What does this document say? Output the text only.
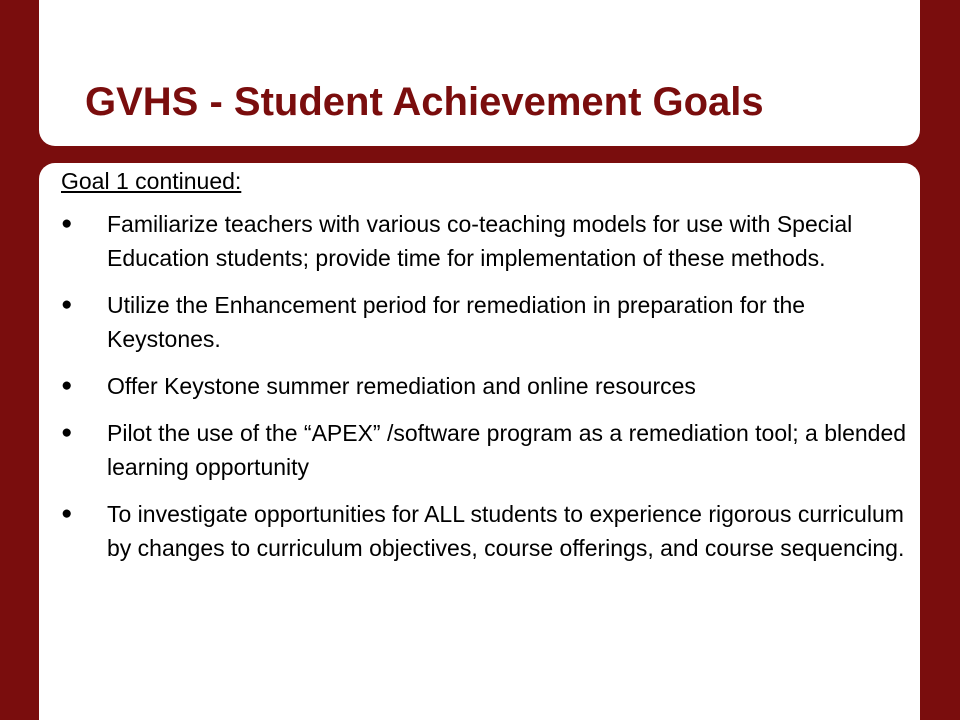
GVHS - Student Achievement Goals
Goal 1 continued:
●	Familiarize teachers with various co-teaching models for use with Special Education students; provide time for implementation of these methods.
●	Utilize the Enhancement period for remediation in preparation for the Keystones.
●	Offer Keystone summer remediation and online resources
●	Pilot the use of the “APEX” /software program as a remediation tool; a blended learning opportunity
●	To investigate opportunities for ALL students to experience rigorous curriculum by changes to curriculum objectives, course offerings, and course sequencing.
